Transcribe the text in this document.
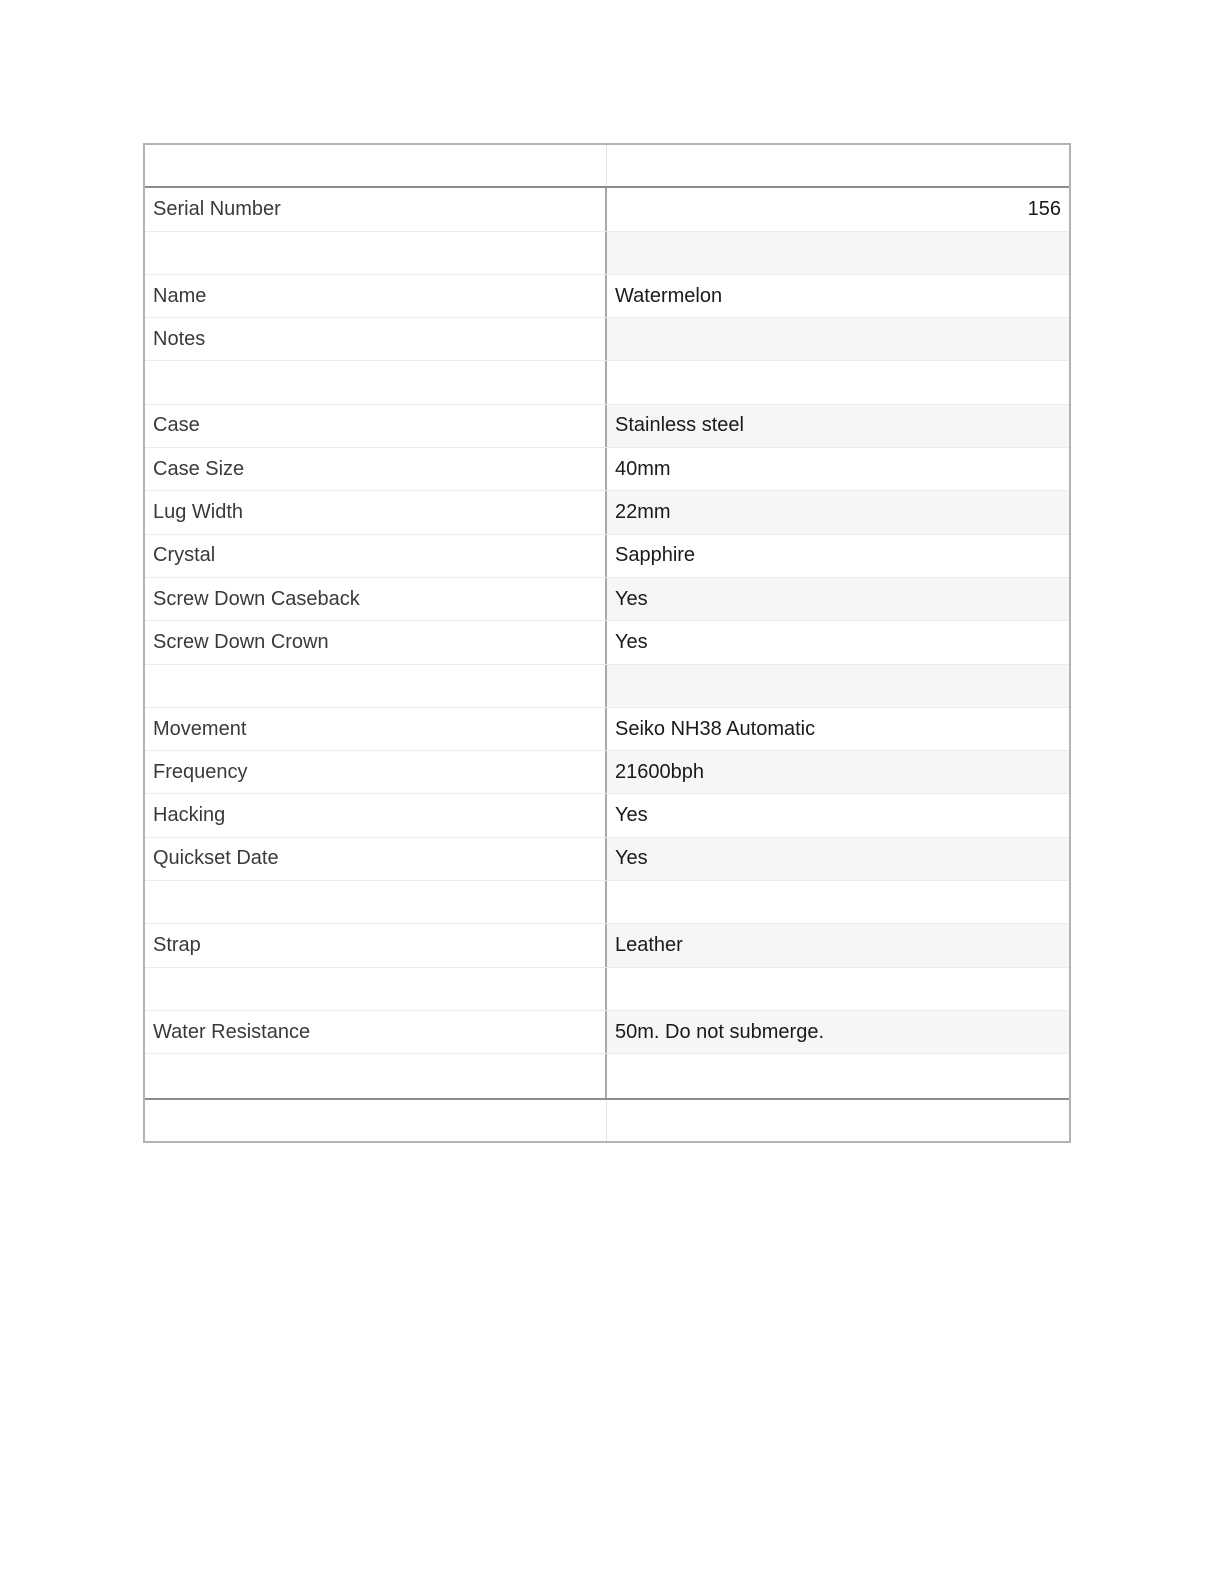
Serial Number	156
Name	Watermelon
Notes
Case	Stainless steel
Case Size	40mm
Lug Width	22mm
Crystal	Sapphire
Screw Down Caseback	Yes
Screw Down Crown	Yes
Movement	Seiko NH38 Automatic
Frequency	21600bph
Hacking	Yes
Quickset Date	Yes
Strap	Leather
Water Resistance	50m. Do not submerge.
